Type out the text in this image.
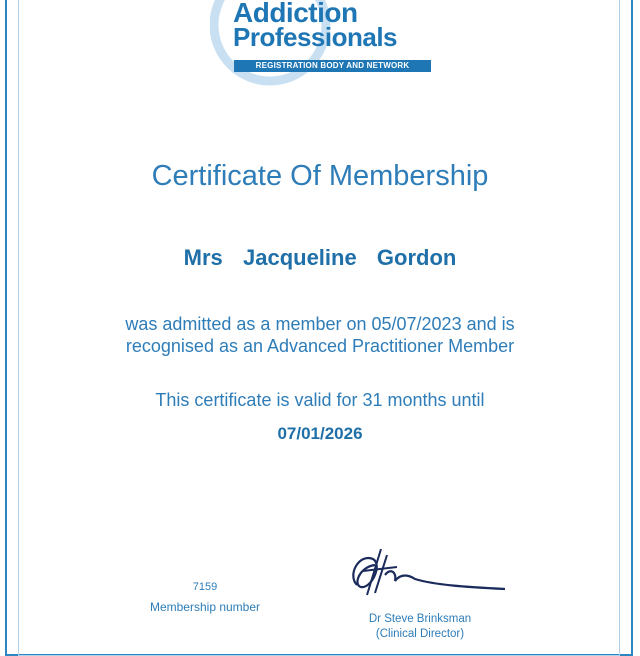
Addiction
Professionals
REGISTRATION BODY AND NETWORK
Certificate Of Membership
Mrs  Jacqueline  Gordon
was admitted as a member on 05/07/2023 and is
recognised as an Advanced Practitioner Member
This certificate is valid for 31 months until
07/01/2026
7159
Membership number
Dr Steve Brinksman
(Clinical Director)
